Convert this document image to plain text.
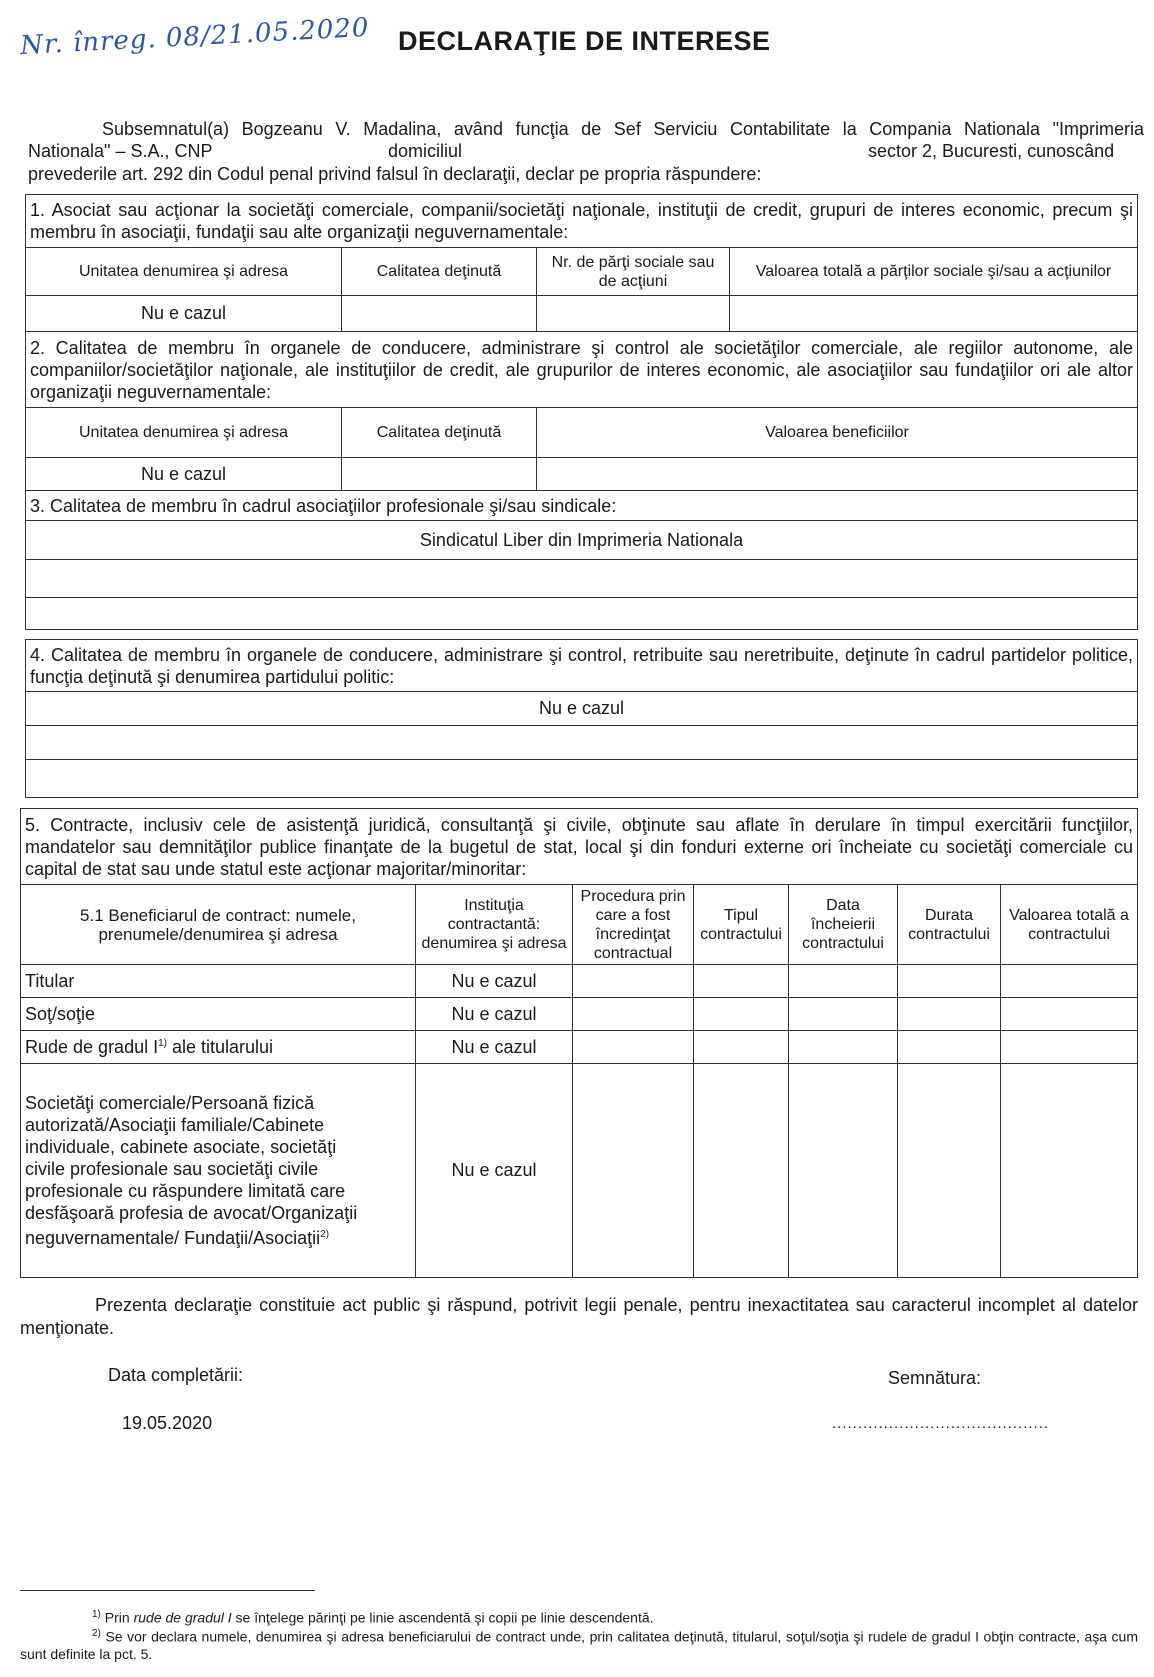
Nr. înreg. 08/21.05.2020 DECLARAŢIE DE INTERESE
Subsemnatul(a) Bogzeanu V. Madalina, având funcţia de Sef Serviciu Contabilitate la Compania Nationala "Imprimeria
Nationala" – S.A., CNP	domiciliul	sector 2, Bucuresti, cunoscând
prevederile art. 292 din Codul penal privind falsul în declaraţii, declar pe propria răspundere:
1. Asociat sau acţionar la societăţi comerciale, companii/societăţi naţionale, instituţii de credit, grupuri de interes economic, precum şi membru în asociaţii, fundaţii sau alte organizaţii neguvernamentale:			
Unitatea denumirea şi adresa	Calitatea deţinută	Nr. de părţi sociale sau de acţiuni	Valoarea totală a părţilor sociale şi/sau a acţiunilor
Nu e cazul			
2. Calitatea de membru în organele de conducere, administrare şi control ale societăţilor comerciale, ale regiilor autonome, ale companiilor/societăţilor naţionale, ale instituţiilor de credit, ale grupurilor de interes economic, ale asociaţiilor sau fundaţiilor ori ale altor organizaţii neguvernamentale:		
Unitatea denumirea şi adresa	Calitatea deţinută	Valoarea beneficiilor
Nu e cazul		
3. Calitatea de membru în cadrul asociaţiilor profesionale şi/sau sindicale:
Sindicatul Liber din Imprimeria Nationala

4. Calitatea de membru în organele de conducere, administrare şi control, retribuite sau neretribuite, deţinute în cadrul partidelor politice, funcţia deţinută şi denumirea partidului politic:
Nu e cazul

5. Contracte, inclusiv cele de asistenţă juridică, consultanţă şi civile, obţinute sau aflate în derulare în timpul exercitării funcţiilor, mandatelor sau demnităţilor publice finanţate de la bugetul de stat, local şi din fonduri externe ori încheiate cu societăţi comerciale cu capital de stat sau unde statul este acţionar majoritar/minoritar:						
5.1 Beneficiarul de contract: numele, prenumele/denumirea şi adresa	Instituţia contractantă: denumirea şi adresa	Procedura prin care a fost încredinţat contractual	Tipul contractului	Data încheierii contractului	Durata contractului	Valoarea totală a contractului
Titular	Nu e cazul					
Soţ/soţie	Nu e cazul					
Rude de gradul $I^{1)}$ ale titularului	Nu e cazul					
Societăţi comerciale/Persoană fizică autorizată/Asociaţii familiale/Cabinete individuale, cabinete asociate, societăţi civile profesionale sau societăţi civile profesionale cu răspundere limitată care desfăşoară profesia de avocat/Organizaţii neguvernamentale/ Fundaţii/Asociaţii$^{2)}$	Nu e cazul					
Prezenta declaraţie constituie act public şi răspund, potrivit legii penale, pentru inexactitatea sau caracterul incomplet al datelor menţionate.
Data completării:
19.05.2020
Semnătura:
..........................................
$^{1)}$ Prin rude de gradul I se înţelege părinţi pe linie ascendentă şi copii pe linie descendentă.
$^{2)}$ Se vor declara numele, denumirea şi adresa beneficiarului de contract unde, prin calitatea deţinută, titularul, soţul/soţia şi rudele de gradul I obţin contracte, aşa cum sunt definite la pct. 5.
